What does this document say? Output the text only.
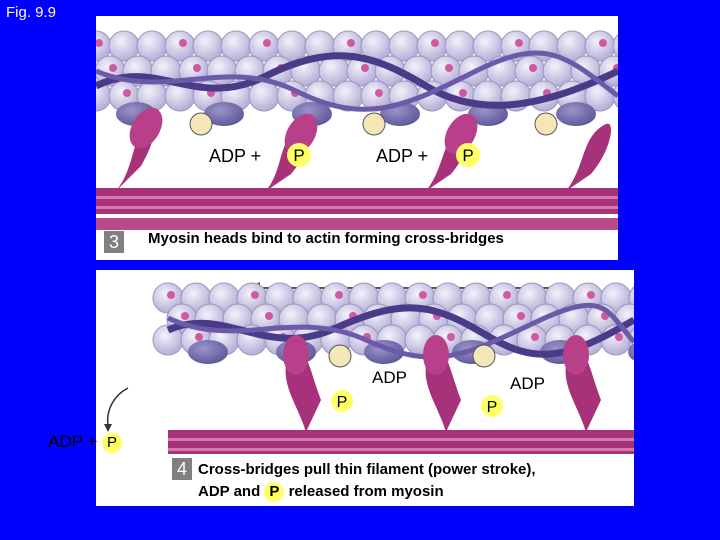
Fig. 9.9
ADP + P	ADP + P
3	Myosin heads bind to actin forming cross-bridges
ADP
P
ADP
P
4 Cross-bridges pull thin filament (power stroke),
ADP and P released from myosin
ADP + P
